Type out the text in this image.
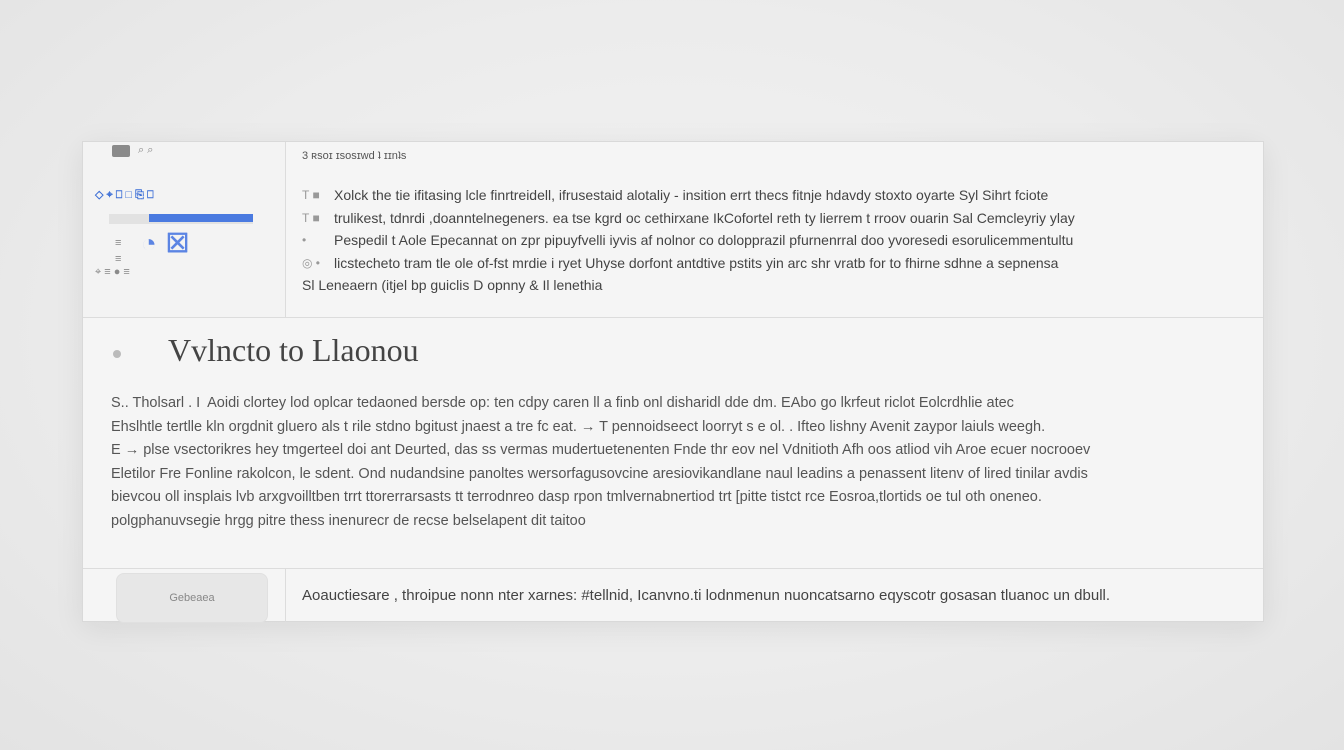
⌕ ⌕
◇ ⌖ ⎕ □ ⎘ ⎕
≡ ◔ ☒
≡
⌖ ≡ ● ≡
3 ʀsoɪ ɪsosɪwd ʇ ɪɪnʇs
T ■ Xolck the tie ifitasing lcle finrtreidell, ifrusestaid alotaliy - insition errt thecs fitnje hdavdy stoxto oyarte Syl Sihrt fciote
T ■ trulikest, tdnrdi ,doanntelnegeners. ea tse kgrd oc cethirxane IkCofortel reth ty lierrem t rroov ouarin Sal Cemcleyriy ylay
• Pespedil t Aole Epecannat on zpr pipuyfvelli iyvis af nolnor co dolopprazil pfurnenrral doo yvoresedi esorulicemmentultu
◎ • licstecheto tram tle ole of-fst mrdie i ryet Uhyse dorfont antdtive pstits yin arc shr vratb for to fhirne sdhne a sepnensa
Sl Leneaern (itjel bp guiclis D opnny & Il lenethia
Vvlncto to Llaonou
S.. Tholsarl . I  Aoidi clortey lod oplcar tedaoned bersde op: ten cdpy caren ll a finb onl disharidl dde dm. EAbo go lkrfeut riclot Eolcrdhlie atec
Ehslhtle tertlle kln orgdnit gluero als t rile stdno bgitust jnaest a tre fc eat. → T pennoidseect loorryt s e ol. . Ifteo lishny Avenit zaypor laiuls weegh.
E → plse vsectorikres hey tmgerteel doi ant Deurted, das ss vermas mudertuetenenten Fnde thr eov nel Vdnitioth Afh oos atliod vih Aroe ecuer nocrooev
Eletilor Fre Fonline rakolcon, le sdent. Ond nudandsine panoltes wersorfagusovcine aresiovikandlane naul leadins a penassent litenv of lired tinilar avdis
bievcou oll insplais lvb arxgvoilltben trrt ttorerrarsasts tt terrodnreo dasp rpon tmlvernabnertiod trt [pitte tistct rce Eosroa,tlortids oe tul oth oneneo.
polgphanuvsegie hrgg pitre thess inenurecr de recse belselapent dit taitoo
Gebeaea	Aoauctiesare , throipue nonn nter xarnes: #tellnid, Icanvno.ti lodnmenun nuoncatsarno eqyscotr gosasan tluanoc un dbull.
